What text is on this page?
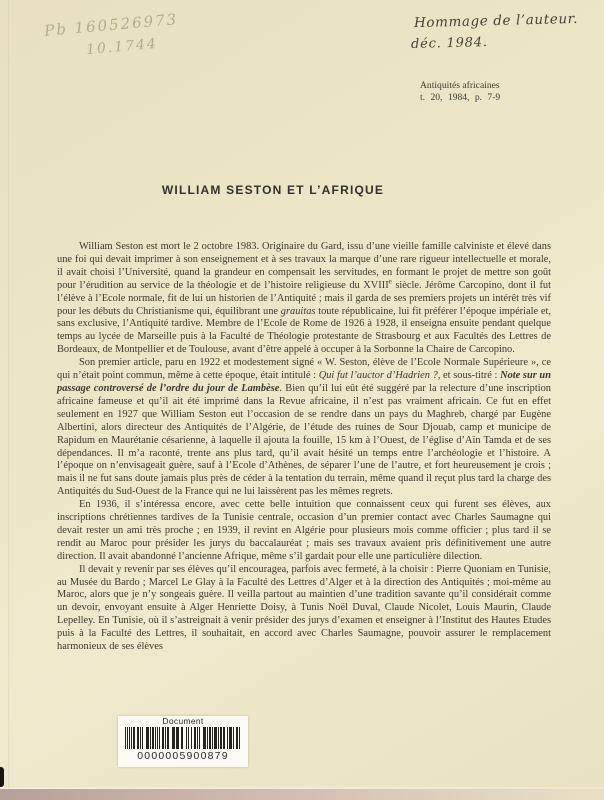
Pb 160526973
10.1744
Hommage de l’auteur.
déc. 1984.
Antiquités africaines
t. 20, 1984, p. 7-9
WILLIAM SESTON ET L’AFRIQUE

William Seston est mort le 2 octobre 1983. Originaire du Gard, issu d’une vieille famille calviniste et élevé dans une foi qui devait imprimer à son enseignement et à ses travaux la marque d’une rare rigueur intellectuelle et morale, il avait choisi l’Université, quand la grandeur en compensait les servitudes, en formant le projet de mettre son goût pour l’érudition au service de la théologie et de l’histoire religieuse du XVIIIe siècle. Jérôme Carcopino, dont il fut l’élève à l’Ecole normale, fit de lui un historien de l’Antiquité ; mais il garda de ses premiers projets un intérêt très vif pour les débuts du Christianisme qui, équilibrant une grauitas toute républicaine, lui fit préférer l’époque impériale et, sans exclusive, l’Antiquité tardive. Membre de l’Ecole de Rome de 1926 à 1928, il enseigna ensuite pendant quelque temps au lycée de Marseille puis à la Faculté de Théologie protestante de Strasbourg et aux Facultés des Lettres de Bordeaux, de Montpellier et de Toulouse, avant d’être appelé à occuper à la Sorbonne la Chaire de Carcopino.

Son premier article, paru en 1922 et modestement signé « W. Seston, élève de l’Ecole Normale Supérieure », ce qui n’était point commun, même à cette époque, était intitulé : Qui fut l’auctor d’Hadrien ?, et sous-titré : Note sur un passage controversé de l’ordre du jour de Lambèse. Bien qu’il lui eût été suggéré par la relecture d’une inscription africaine fameuse et qu’il ait été imprimé dans la Revue africaine, il n’est pas vraiment africain. Ce fut en effet seulement en 1927 que William Seston eut l’occasion de se rendre dans un pays du Maghreb, chargé par Eugène Albertini, alors directeur des Antiquités de l’Algérie, de l’étude des ruines de Sour Djouab, camp et municipe de Rapidum en Maurétanie césarienne, à laquelle il ajouta la fouille, 15 km à l’Ouest, de l’église d’Aïn Tamda et de ses dépendances. Il m’a raconté, trente ans plus tard, qu’il avait hésité un temps entre l’archéologie et l’histoire. A l’époque on n’envisageait guère, sauf à l’Ecole d’Athènes, de séparer l’une de l’autre, et fort heureusement je crois ; mais il ne fut sans doute jamais plus près de céder à la tentation du terrain, même quand il reçut plus tard la charge des Antiquités du Sud-Ouest de la France qui ne lui laissèrent pas les mêmes regrets.

En 1936, il s’intéressa encore, avec cette belle intuition que connaissent ceux qui furent ses élèves, aux inscriptions chrétiennes tardives de la Tunisie centrale, occasion d’un premier contact avec Charles Saumagne qui devait rester un ami très proche ; en 1939, il revint en Algérie pour plusieurs mois comme officier ; plus tard il se rendit au Maroc pour présider les jurys du baccalauréat ; mais ses travaux avaient pris définitivement une autre direction. Il avait abandonné l’ancienne Afrique, même s’il gardait pour elle une particulière dilection.

Il devait y revenir par ses élèves qu’il encouragea, parfois avec fermeté, à la choisir : Pierre Quoniam en Tunisie, au Musée du Bardo ; Marcel Le Glay à la Faculté des Lettres d’Alger et à la direction des Antiquités ; moi-même au Maroc, alors que je n’y songeais guère. Il veilla partout au maintien d’une tradition savante qu’il considérait comme un devoir, envoyant ensuite à Alger Henriette Doisy, à Tunis Noël Duval, Claude Nicolet, Louis Maurin, Claude Lepelley. En Tunisie, où il s’astreignait à venir présider des jurys d’examen et enseigner à l’Institut des Hautes Etudes puis à la Faculté des Lettres, il souhaitait, en accord avec Charles Saumagne, pouvoir assurer le remplacement harmonieux de ses élèves

Document
0000005900879
